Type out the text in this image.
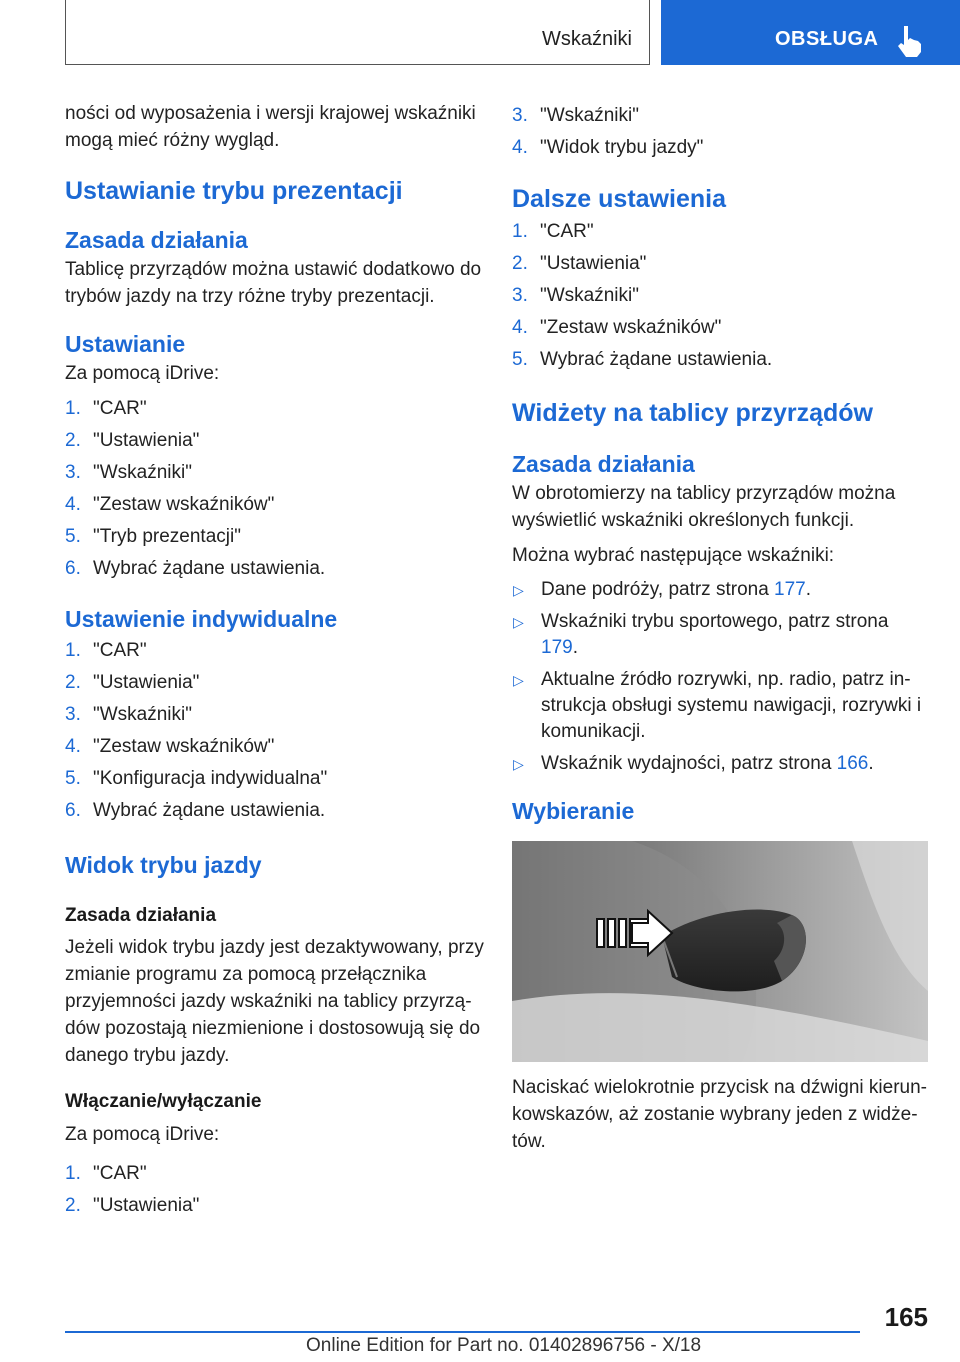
Wskaźniki	OBSŁUGA

ności od wyposażenia i wersji krajowej wskaźniki mogą mieć różny wygląd.

Ustawianie trybu prezentacji
Zasada działania

Tablicę przyrządów można ustawić dodatkowo do trybów jazdy na trzy różne tryby prezentacji.

Ustawianie

Za pomocą iDrive:

1. "CAR"
2. "Ustawienia"
3. "Wskaźniki"
4. "Zestaw wskaźników"
5. "Tryb prezentacji"
6. Wybrać żądane ustawienia.
Ustawienie indywidualne
1. "CAR"
2. "Ustawienia"
3. "Wskaźniki"
4. "Zestaw wskaźników"
5. "Konfiguracja indywidualna"
6. Wybrać żądane ustawienia.
Widok trybu jazdy
Zasada działania

Jeżeli widok trybu jazdy jest dezaktywowany, przy zmianie programu za pomocą przełącznika przyjemności jazdy wskaźniki na tablicy przyrzą-dów pozostają niezmienione i dostosowują się do danego trybu jazdy.

Włączanie/wyłączanie

Za pomocą iDrive:

1. "CAR"
2. "Ustawienia"
3. "Wskaźniki"
4. "Widok trybu jazdy"
Dalsze ustawienia
1. "CAR"
2. "Ustawienia"
3. "Wskaźniki"
4. "Zestaw wskaźników"
5. Wybrać żądane ustawienia.
Widżety na tablicy przyrządów
Zasada działania

W obrotomierzy na tablicy przyrządów można wyświetlić wskaźniki określonych funkcji.

Można wybrać następujące wskaźniki:

▷ Dane podróży, patrz strona 177.
▷ Wskaźniki trybu sportowego, patrz strona 179.
▷ Aktualne źródło rozrywki, np. radio, patrz in-strukcja obsługi systemu nawigacji, rozrywki i komunikacji.
▷ Wskaźnik wydajności, patrz strona 166.
Wybieranie

Naciskać wielokrotnie przycisk na dźwigni kierun-kowskazów, aż zostanie wybrany jeden z widże-tów.

165
Online Edition for Part no. 01402896756 - X/18
